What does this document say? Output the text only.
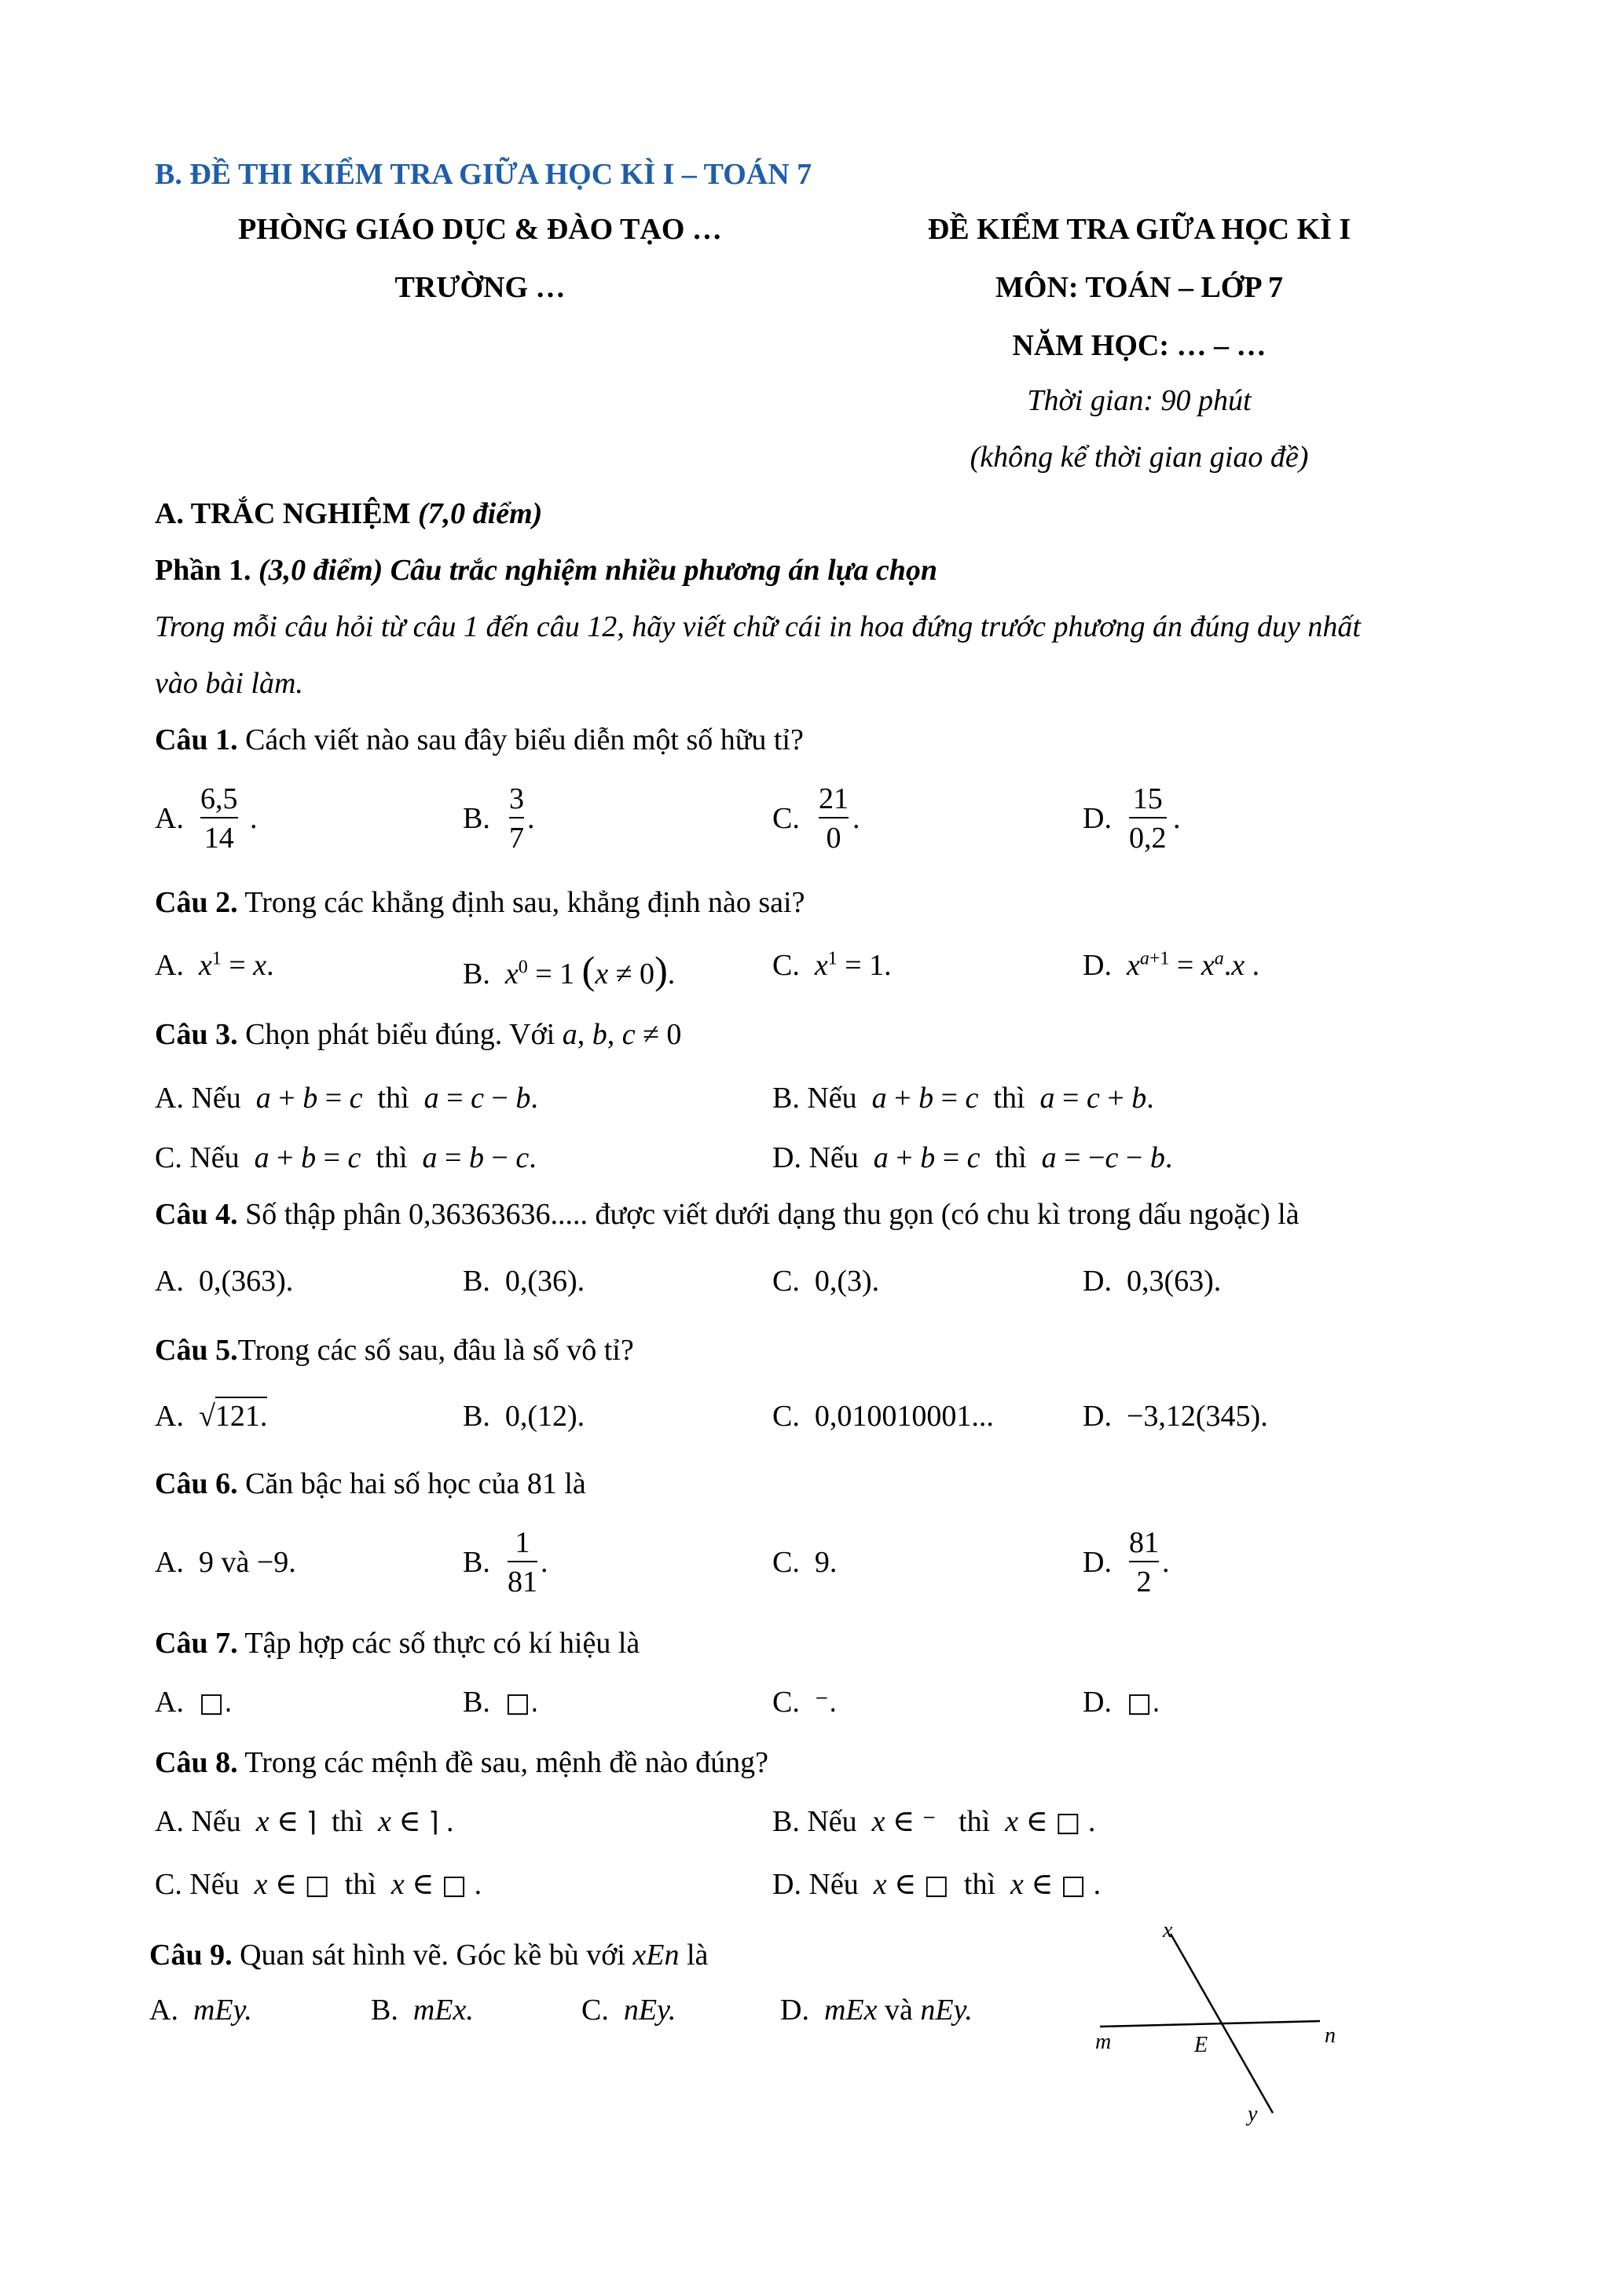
B. ĐỀ THI KIỂM TRA GIỮA HỌC KÌ I – TOÁN 7
PHÒNG GIÁO DỤC & ĐÀO TẠO …
TRƯỜNG …
ĐỀ KIỂM TRA GIỮA HỌC KÌ I
MÔN: TOÁN – LỚP 7
NĂM HỌC: … – …
Thời gian: 90 phút
(không kể thời gian giao đề)
A. TRẮC NGHIỆM (7,0 điểm)
Phần 1. (3,0 điểm) Câu trắc nghiệm nhiều phương án lựa chọn
Trong mỗi câu hỏi từ câu 1 đến câu 12, hãy viết chữ cái in hoa đứng trước phương án đúng duy nhất
vào bài làm.
Câu 1. Cách viết nào sau đây biểu diễn một số hữu tỉ?
A.
6,5
14
.	B.
3
7
.	C.
21
0
.	D.
15
0,2
.
Câu 2. Trong các khẳng định sau, khẳng định nào sai?
A.  $x^1 = x$.	B.  $x^0 = 1$ (x ≠ 0).	C.  $x^1 = 1$.	D.  $x^{a+1} = x^a.x$ .
Câu 3. Chọn phát biểu đúng. Với a, b, c ≠ 0
A. Nếu  a + b = c  thì  a = c − b.	B. Nếu  a + b = c  thì  a = c + b.
C. Nếu  a + b = c  thì  a = b − c.	D. Nếu  a + b = c  thì  a = −c − b.
Câu 4. Số thập phân 0,36363636..... được viết dưới dạng thu gọn (có chu kì trong dấu ngoặc) là
A.  0,(363).	B.  0,(36).	C.  0,(3).	D.  0,3(63).
Câu 5.Trong các số sau, đâu là số vô tỉ?
A.  √121.	B.  0,(12).	C.  0,010010001...	D.  −3,12(345).
Câu 6. Căn bậc hai số học của 81 là
A.  9 và −9.	B.
1
81
.	C.  9.	D.
81
2
.
Câu 7. Tập hợp các số thực có kí hiệu là
A.  □.	B.  □.	C.  ⁻.	D.  □.
Câu 8. Trong các mệnh đề sau, mệnh đề nào đúng?
A. Nếu  x ∈ ⌉  thì  x ∈ ⌉ .	B. Nếu  x ∈ ⁻   thì  x ∈ □ .
C. Nếu  x ∈ □  thì  x ∈ □ .	D. Nếu  x ∈ □  thì  x ∈ □ .
Câu 9. Quan sát hình vẽ. Góc kề bù với xEn là
A.  mEy.	B.  mEx.	C.  nEy.	D.  mEx và nEy.
x
y
m	n
E
